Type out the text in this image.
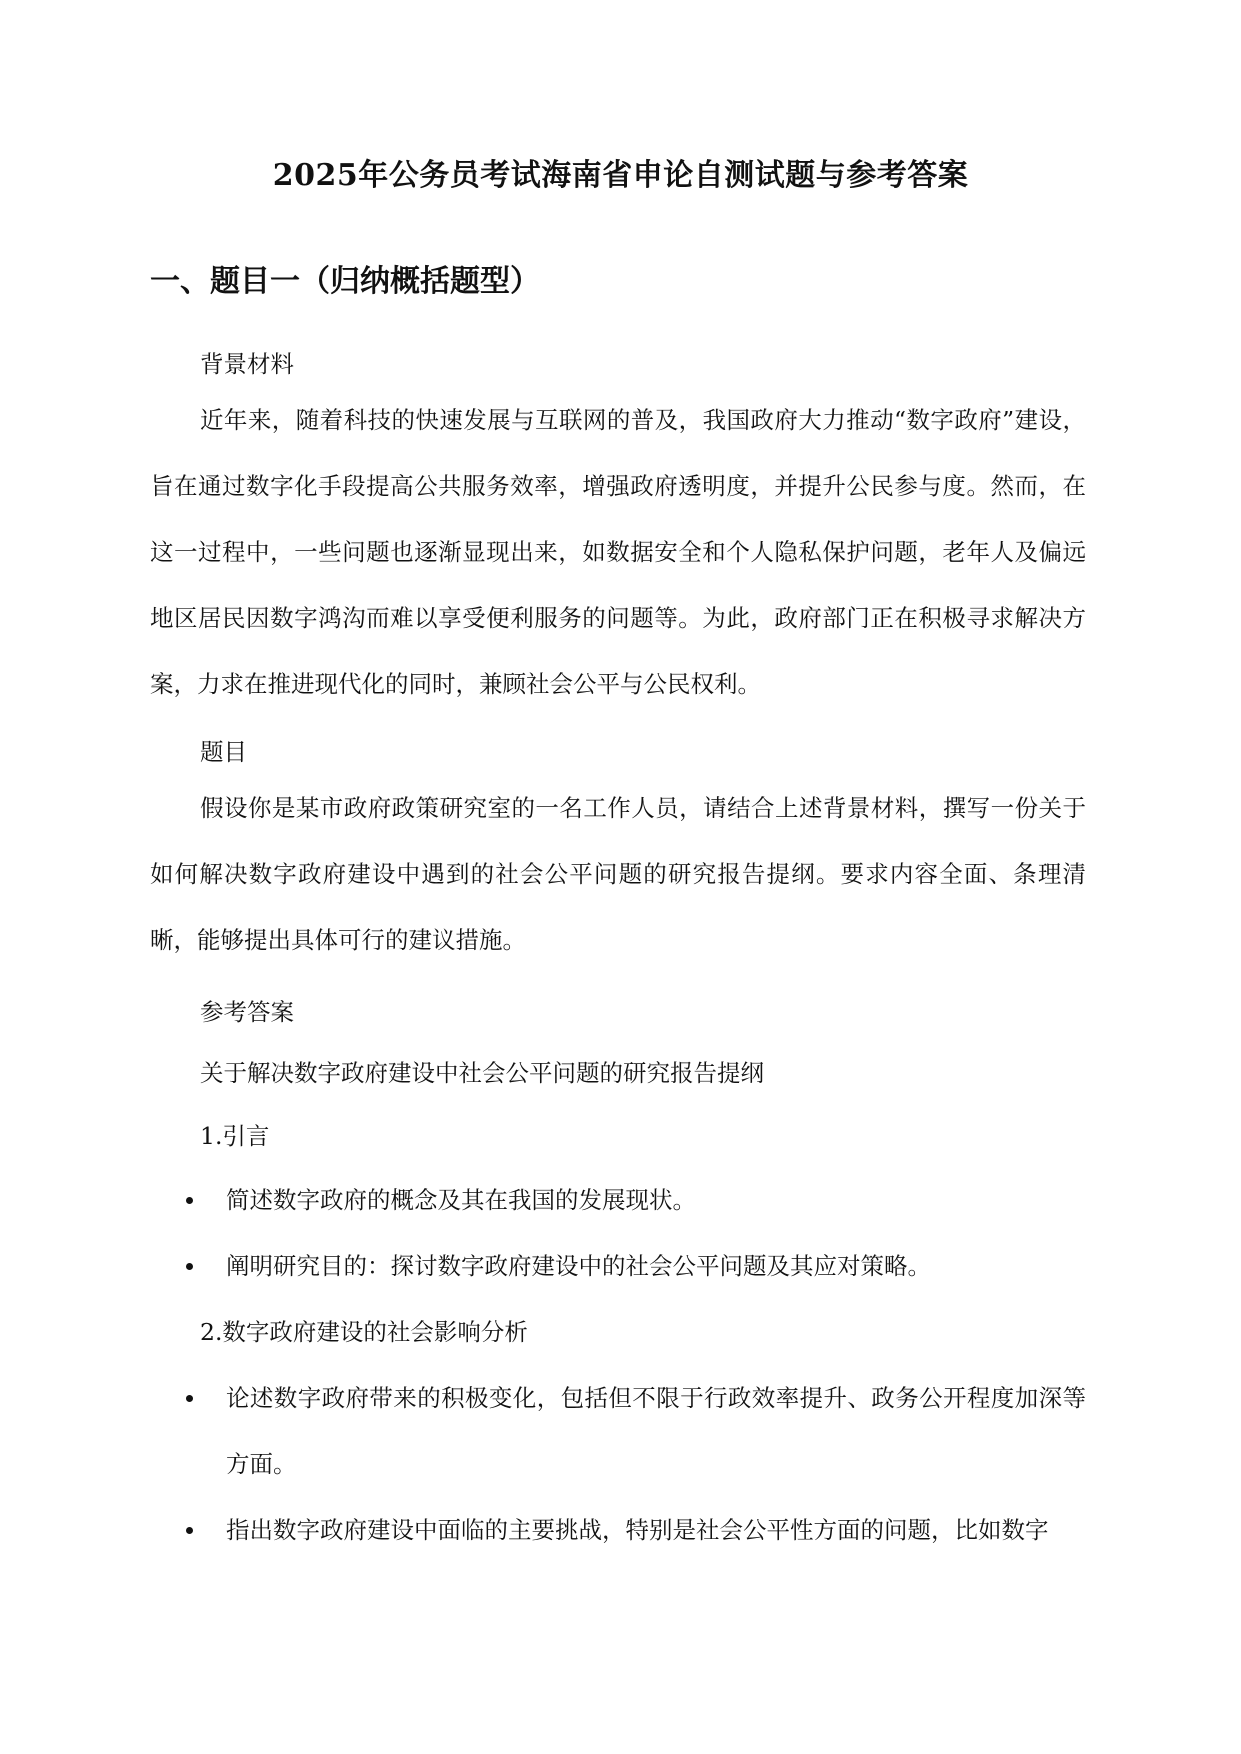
2025年公务员考试海南省申论自测试题与参考答案
一、题目一（归纳概括题型）
背景材料
近年来，随着科技的快速发展与互联网的普及，我国政府大力推动“数字政府”建设，旨在通过数字化手段提高公共服务效率，增强政府透明度，并提升公民参与度。然而，在这一过程中，一些问题也逐渐显现出来，如数据安全和个人隐私保护问题，老年人及偏远地区居民因数字鸿沟而难以享受便利服务的问题等。为此，政府部门正在积极寻求解决方案，力求在推进现代化的同时，兼顾社会公平与公民权利。
题目
假设你是某市政府政策研究室的一名工作人员，请结合上述背景材料，撰写一份关于如何解决数字政府建设中遇到的社会公平问题的研究报告提纲。要求内容全面、条理清晰，能够提出具体可行的建议措施。
参考答案
关于解决数字政府建设中社会公平问题的研究报告提纲
1.引言
简述数字政府的概念及其在我国的发展现状。
阐明研究目的：探讨数字政府建设中的社会公平问题及其应对策略。
2.数字政府建设的社会影响分析
论述数字政府带来的积极变化，包括但不限于行政效率提升、政务公开程度加深等方面。
指出数字政府建设中面临的主要挑战，特别是社会公平性方面的问题，比如数字
